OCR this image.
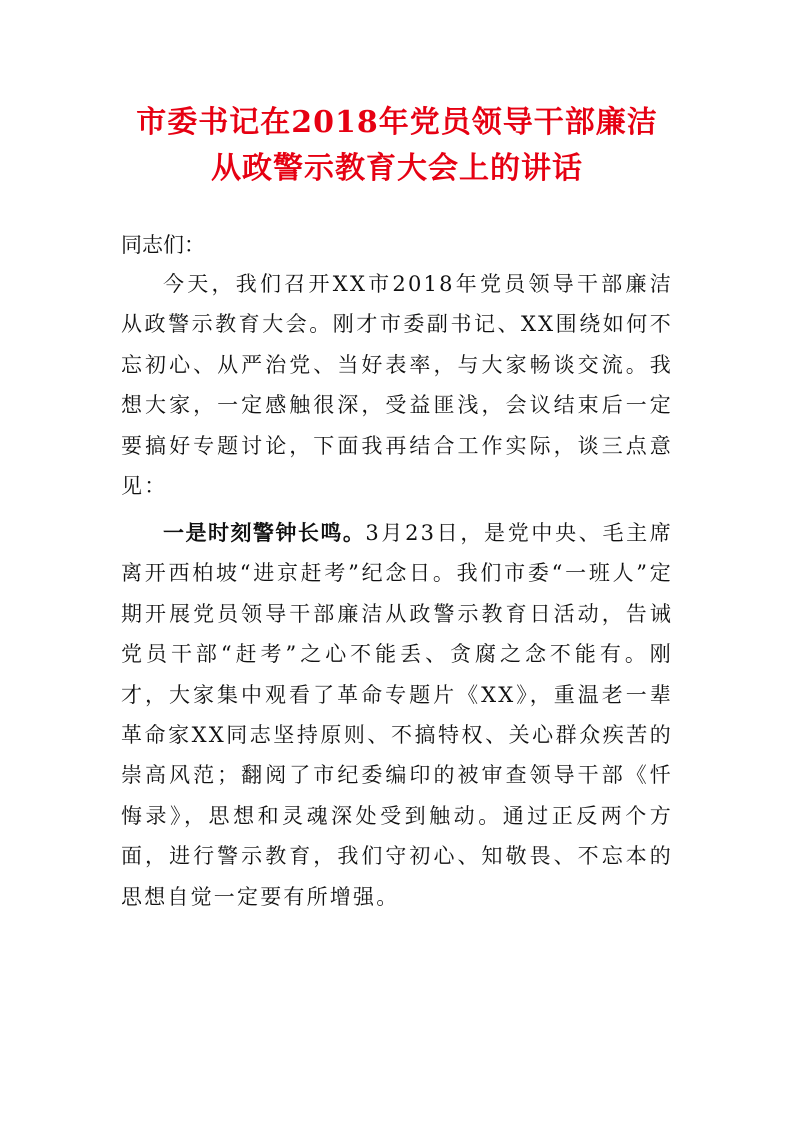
市委书记在2018年党员领导干部廉洁
从政警示教育大会上的讲话
同志们：

今天，我们召开XX市2018年党员领导干部廉洁从政警示教育大会。刚才市委副书记、XX围绕如何不忘初心、从严治党、当好表率，与大家畅谈交流。我想大家，一定感触很深，受益匪浅，会议结束后一定要搞好专题讨论，下面我再结合工作实际，谈三点意见：

一是时刻警钟长鸣。3月23日，是党中央、毛主席离开西柏坡“进京赶考”纪念日。我们市委“一班人”定期开展党员领导干部廉洁从政警示教育日活动，告诫党员干部“赶考”之心不能丢、贪腐之念不能有。刚才，大家集中观看了革命专题片《XX》，重温老一辈革命家XX同志坚持原则、不搞特权、关心群众疾苦的崇高风范；翻阅了市纪委编印的被审查领导干部《忏悔录》，思想和灵魂深处受到触动。通过正反两个方面，进行警示教育，我们守初心、知敬畏、不忘本的思想自觉一定要有所增强。
